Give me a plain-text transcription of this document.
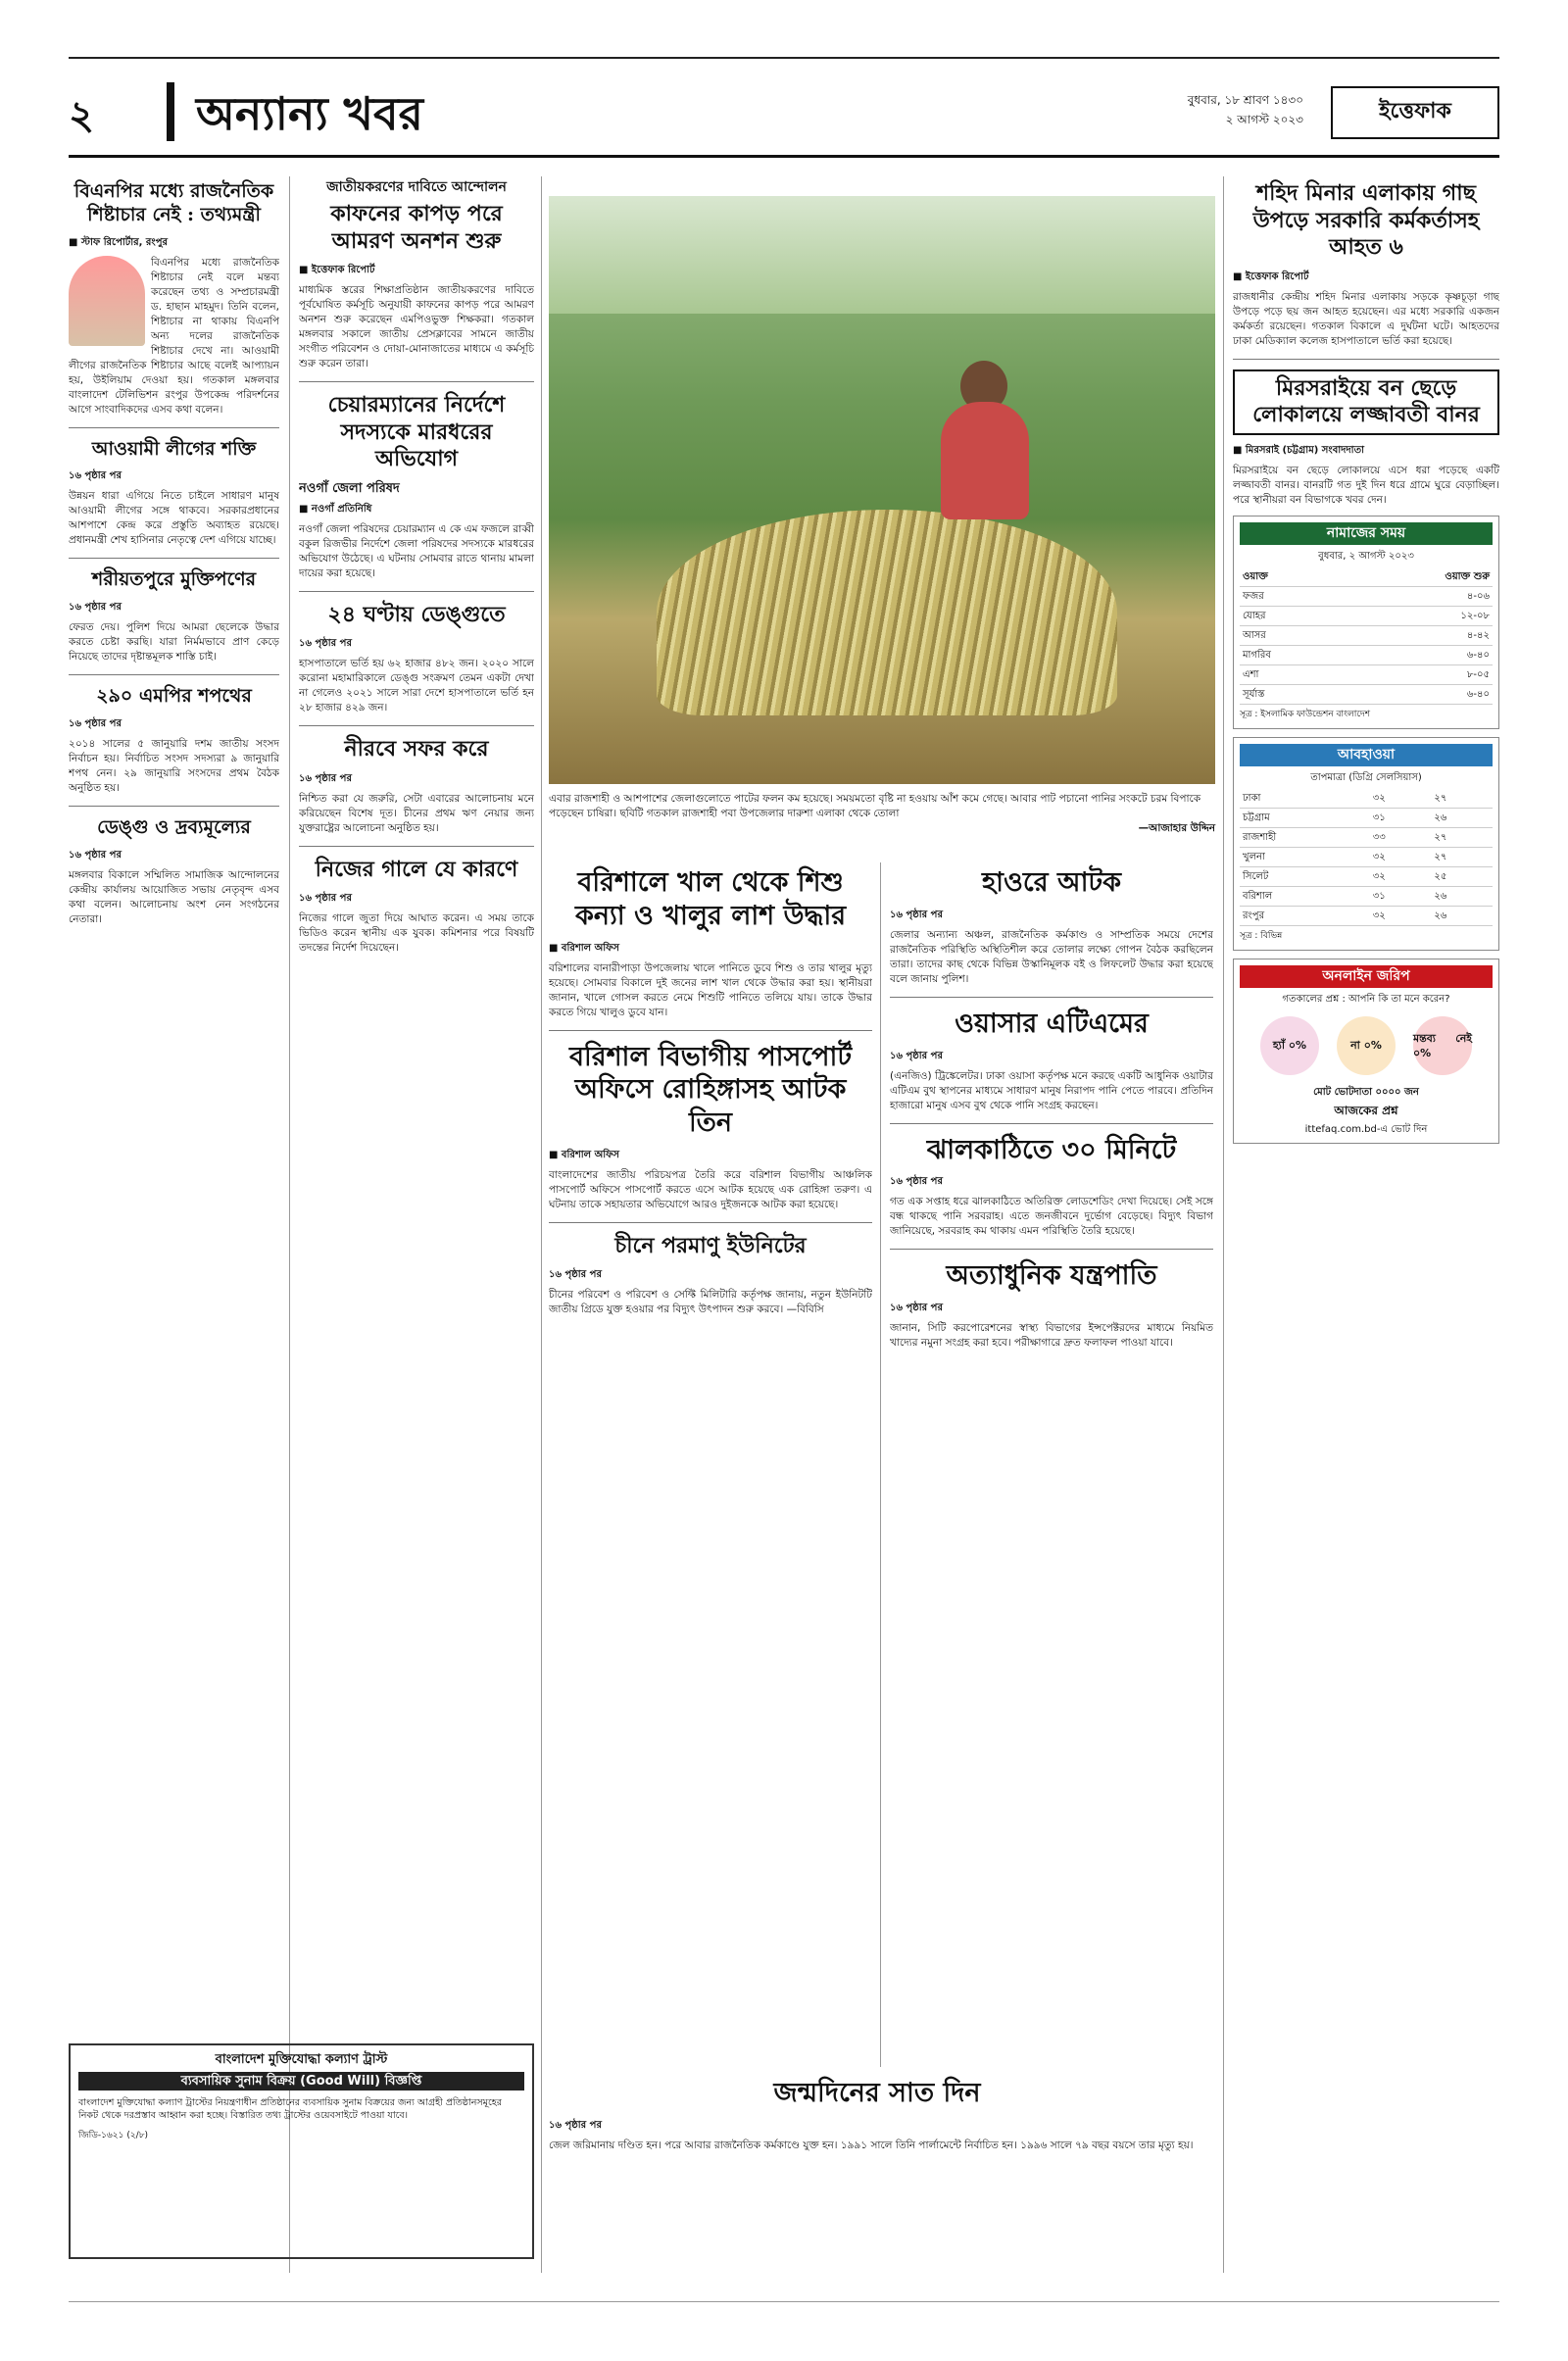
২ অন্যান্য খবর	বুধবার, ১৮ শ্রাবণ ১৪৩০
২ আগস্ট ২০২৩	ইত্তেফাক
বিএনপির মধ্যে রাজনৈতিক শিষ্টাচার নেই : তথ্যমন্ত্রী
■ স্টাফ রিপোর্টার, রংপুর

বিএনপির মধ্যে রাজনৈতিক শিষ্টাচার নেই বলে মন্তব্য করেছেন তথ্য ও সম্প্রচারমন্ত্রী ড. হাছান মাহমুদ। তিনি বলেন, শিষ্টাচার না থাকায় বিএনপি অন্য দলের রাজনৈতিক শিষ্টাচার দেখে না। আওয়ামী লীগের রাজনৈতিক শিষ্টাচার আছে বলেই আপ্যায়ন হয়, উইলিয়াম দেওয়া হয়। গতকাল মঙ্গলবার বাংলাদেশ টেলিভিশন রংপুর উপকেন্দ্র পরিদর্শনের আগে সাংবাদিকদের এসব কথা বলেন।

আওয়ামী লীগের শক্তি
১৬ পৃষ্ঠার পর

উন্নয়ন ধারা এগিয়ে নিতে চাইলে সাধারণ মানুষ আওয়ামী লীগের সঙ্গে থাকবে। সরকারপ্রধানের আশপাশে কেন্দ্র করে প্রস্তুতি অব্যাহত রয়েছে। প্রধানমন্ত্রী শেখ হাসিনার নেতৃত্বে দেশ এগিয়ে যাচ্ছে।

শরীয়তপুরে মুক্তিপণের
১৬ পৃষ্ঠার পর

ফেরত দেয়। পুলিশ দিয়ে আমরা ছেলেকে উদ্ধার করতে চেষ্টা করছি। যারা নির্মমভাবে প্রাণ কেড়ে নিয়েছে তাদের দৃষ্টান্তমূলক শাস্তি চাই।

২৯০ এমপির শপথের
১৬ পৃষ্ঠার পর

২০১৪ সালের ৫ জানুয়ারি দশম জাতীয় সংসদ নির্বাচন হয়। নির্বাচিত সংসদ সদস্যরা ৯ জানুয়ারি শপথ নেন। ২৯ জানুয়ারি সংসদের প্রথম বৈঠক অনুষ্ঠিত হয়।

ডেঙ্গু ও দ্রব্যমূল্যের
১৬ পৃষ্ঠার পর

মঙ্গলবার বিকালে সম্মিলিত সামাজিক আন্দোলনের কেন্দ্রীয় কার্যালয় আয়োজিত সভায় নেতৃবৃন্দ এসব কথা বলেন। আলোচনায় অংশ নেন সংগঠনের নেতারা।

জাতীয়করণের দাবিতে আন্দোলন
কাফনের কাপড় পরে আমরণ অনশন শুরু
■ ইত্তেফাক রিপোর্ট

মাধ্যমিক স্তরের শিক্ষাপ্রতিষ্ঠান জাতীয়করণের দাবিতে পূর্বঘোষিত কর্মসূচি অনুযায়ী কাফনের কাপড় পরে আমরণ অনশন শুরু করেছেন এমপিওভুক্ত শিক্ষকরা। গতকাল মঙ্গলবার সকালে জাতীয় প্রেসক্লাবের সামনে জাতীয় সংগীত পরিবেশন ও দোয়া-মোনাজাতের মাধ্যমে এ কর্মসূচি শুরু করেন তারা।

চেয়ারম্যানের নির্দেশে সদস্যকে মারধরের অভিযোগ
নওগাঁ জেলা পরিষদ
■ নওগাঁ প্রতিনিধি

নওগাঁ জেলা পরিষদের চেয়ারম্যান এ কে এম ফজলে রাব্বী বকুল রিজভীর নির্দেশে জেলা পরিষদের সদস্যকে মারধরের অভিযোগ উঠেছে। এ ঘটনায় সোমবার রাতে থানায় মামলা দায়ের করা হয়েছে।

২৪ ঘণ্টায় ডেঙ্গুতে
১৬ পৃষ্ঠার পর

হাসপাতালে ভর্তি হয় ৬২ হাজার ৪৮২ জন। ২০২০ সালে করোনা মহামারিকালে ডেঙ্গু সংক্রমণ তেমন একটা দেখা না গেলেও ২০২১ সালে সারা দেশে হাসপাতালে ভর্তি হন ২৮ হাজার ৪২৯ জন।

নীরবে সফর করে
১৬ পৃষ্ঠার পর

নিশ্চিত করা যে জরুরি, সেটা এবারের আলোচনায় মনে করিয়েছেন বিশেষ দূত। চীনের প্রথম ঋণ নেয়ার জন্য যুক্তরাষ্ট্রের আলোচনা অনুষ্ঠিত হয়।

নিজের গালে যে কারণে
১৬ পৃষ্ঠার পর

নিজের গালে জুতা দিয়ে আঘাত করেন। এ সময় তাকে ভিডিও করেন স্থানীয় এক যুবক। কমিশনার পরে বিষয়টি তদন্তের নির্দেশ দিয়েছেন।

এবার রাজশাহী ও আশপাশের জেলাগুলোতে পাটের ফলন কম হয়েছে। সময়মতো বৃষ্টি না হওয়ায় আঁশ কমে গেছে। আবার পাট পচানো পানির সংকটে চরম বিপাকে পড়েছেন চাষিরা। ছবিটি গতকাল রাজশাহী পবা উপজেলার দারুশা এলাকা থেকে তোলা
—আজাহার উদ্দিন
বরিশালে খাল থেকে শিশু কন্যা ও খালুর লাশ উদ্ধার
■ বরিশাল অফিস

বরিশালের বানারীপাড়া উপজেলায় খালে পানিতে ডুবে শিশু ও তার খালুর মৃত্যু হয়েছে। সোমবার বিকালে দুই জনের লাশ খাল থেকে উদ্ধার করা হয়। স্থানীয়রা জানান, খালে গোসল করতে নেমে শিশুটি পানিতে তলিয়ে যায়। তাকে উদ্ধার করতে গিয়ে খালুও ডুবে যান।

বরিশাল বিভাগীয় পাসপোর্ট অফিসে রোহিঙ্গাসহ আটক তিন
■ বরিশাল অফিস

বাংলাদেশের জাতীয় পরিচয়পত্র তৈরি করে বরিশাল বিভাগীয় আঞ্চলিক পাসপোর্ট অফিসে পাসপোর্ট করতে এসে আটক হয়েছে এক রোহিঙ্গা তরুণ। এ ঘটনায় তাকে সহায়তার অভিযোগে আরও দুইজনকে আটক করা হয়েছে।

চীনে পরমাণু ইউনিটের
১৬ পৃষ্ঠার পর

চীনের পরিবেশ ও পরিবেশ ও সেফ্টি মিলিটারি কর্তৃপক্ষ জানায়, নতুন ইউনিটটি জাতীয় গ্রিডে যুক্ত হওয়ার পর বিদ্যুৎ উৎপাদন শুরু করবে। —বিবিসি

হাওরে আটক
১৬ পৃষ্ঠার পর

জেলার অন্যান্য অঞ্চল, রাজনৈতিক কর্মকাণ্ড ও সাম্প্রতিক সময়ে দেশের রাজনৈতিক পরিস্থিতি অস্থিতিশীল করে তোলার লক্ষ্যে গোপন বৈঠক করছিলেন তারা। তাদের কাছ থেকে বিভিন্ন উস্কানিমূলক বই ও লিফলেট উদ্ধার করা হয়েছে বলে জানায় পুলিশ।

ওয়াসার এটিএমের
১৬ পৃষ্ঠার পর

(এনজিও) ট্রিঙ্কেলেটর। ঢাকা ওয়াসা কর্তৃপক্ষ মনে করছে একটি আধুনিক ওয়াটার এটিএম বুথ স্থাপনের মাধ্যমে সাধারণ মানুষ নিরাপদ পানি পেতে পারবে। প্রতিদিন হাজারো মানুষ এসব বুথ থেকে পানি সংগ্রহ করছেন।

ঝালকাঠিতে ৩০ মিনিটে
১৬ পৃষ্ঠার পর

গত এক সপ্তাহ ধরে ঝালকাঠিতে অতিরিক্ত লোডশেডিং দেখা দিয়েছে। সেই সঙ্গে বন্ধ থাকছে পানি সরবরাহ। এতে জনজীবনে দুর্ভোগ বেড়েছে। বিদ্যুৎ বিভাগ জানিয়েছে, সরবরাহ কম থাকায় এমন পরিস্থিতি তৈরি হয়েছে।

অত্যাধুনিক যন্ত্রপাতি
১৬ পৃষ্ঠার পর

জানান, সিটি করপোরেশনের স্বাস্থ্য বিভাগের ইন্সপেক্টরদের মাধ্যমে নিয়মিত খাদ্যের নমুনা সংগ্রহ করা হবে। পরীক্ষাগারে দ্রুত ফলাফল পাওয়া যাবে।

জন্মদিনের সাত দিন
১৬ পৃষ্ঠার পর

জেল জরিমানায় দণ্ডিত হন। পরে আবার রাজনৈতিক কর্মকাণ্ডে যুক্ত হন। ১৯৯১ সালে তিনি পার্লামেন্টে নির্বাচিত হন। ১৯৯৬ সালে ৭৯ বছর বয়সে তার মৃত্যু হয়।

শহিদ মিনার এলাকায় গাছ উপড়ে সরকারি কর্মকর্তাসহ আহত ৬
■ ইত্তেফাক রিপোর্ট

রাজধানীর কেন্দ্রীয় শহিদ মিনার এলাকায় সড়কে কৃষ্ণচূড়া গাছ উপড়ে পড়ে ছয় জন আহত হয়েছেন। এর মধ্যে সরকারি একজন কর্মকর্তা রয়েছেন। গতকাল বিকালে এ দুর্ঘটনা ঘটে। আহতদের ঢাকা মেডিক্যাল কলেজ হাসপাতালে ভর্তি করা হয়েছে।

মিরসরাইয়ে বন ছেড়ে লোকালয়ে লজ্জাবতী বানর
■ মিরসরাই (চট্টগ্রাম) সংবাদদাতা

মিরসরাইয়ে বন ছেড়ে লোকালয়ে এসে ধরা পড়েছে একটি লজ্জাবতী বানর। বানরটি গত দুই দিন ধরে গ্রামে ঘুরে বেড়াচ্ছিল। পরে স্থানীয়রা বন বিভাগকে খবর দেন।

নামাজের সময়
বুধবার, ২ আগস্ট ২০২৩
ওয়াক্ত	ওয়াক্ত শুরু
ফজর	৪-০৬
যোহর	১২-০৮
আসর	৪-৪২
মাগরিব	৬-৪০
এশা	৮-০৫
সূর্যাস্ত	৬-৪০
সূত্র : ইসলামিক ফাউন্ডেশন বাংলাদেশ
আবহাওয়া
তাপমাত্রা (ডিগ্রি সেলসিয়াস)
ঢাকা	৩২	২৭
চট্টগ্রাম	৩১	২৬
রাজশাহী	৩৩	২৭
খুলনা	৩২	২৭
সিলেট	৩২	২৫
বরিশাল	৩১	২৬
রংপুর	৩২	২৬
সূত্র : বিভিন্ন
অনলাইন জরিপ
গতকালের প্রশ্ন : আপনি কি তা মনে করেন?
হ্যাঁ ০%	না ০%
মন্তব্য নেই ০%
মোট ভোটদাতা ০০০০ জন
আজকের প্রশ্ন
ittefaq.com.bd-এ ভোট দিন
বাংলাদেশ মুক্তিযোদ্ধা কল্যাণ ট্রাস্ট
ব্যবসায়িক সুনাম বিক্রয় (Good Will) বিজ্ঞপ্তি
বাংলাদেশ মুক্তিযোদ্ধা কল্যাণ ট্রাস্টের নিয়ন্ত্রণাধীন প্রতিষ্ঠানের ব্যবসায়িক সুনাম বিক্রয়ের জন্য আগ্রহী প্রতিষ্ঠানসমূহের নিকট থেকে দরপ্রস্তাব আহ্বান করা হচ্ছে। বিস্তারিত তথ্য ট্রাস্টের ওয়েবসাইটে পাওয়া যাবে।
জিডি-১৬২১ (২/৮)
